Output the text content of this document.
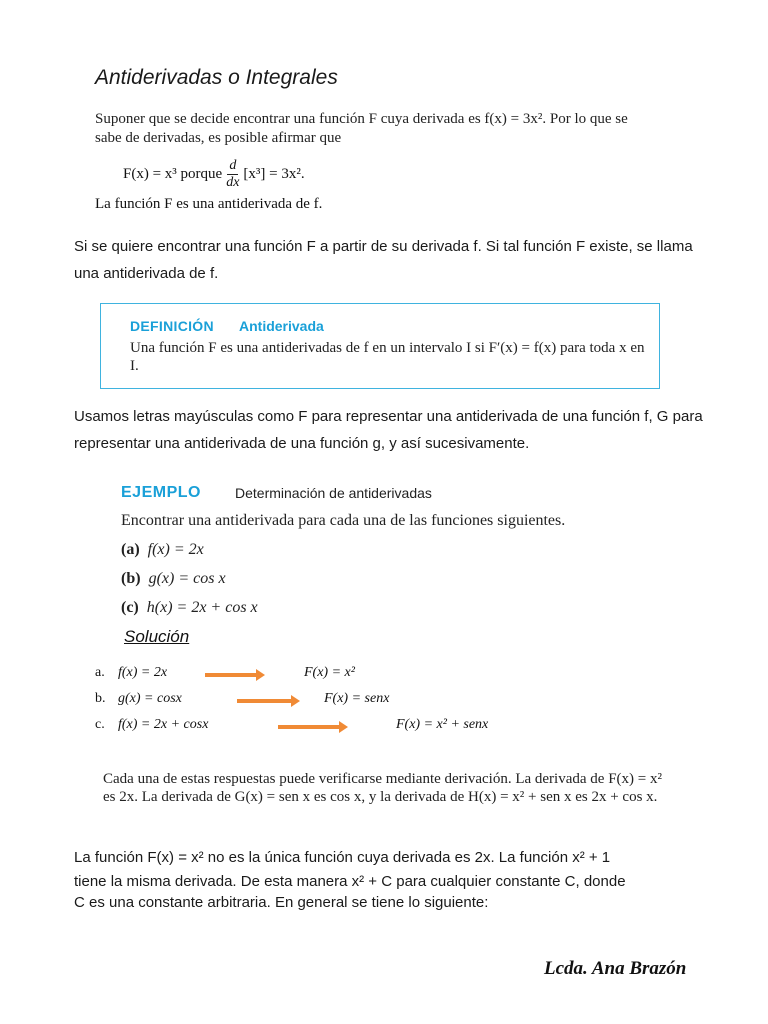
Antiderivadas o Integrales
Suponer que se decide encontrar una función F cuya derivada es f(x) = 3x². Por lo que se
sabe de derivadas, es posible afirmar que
F(x) = x³ porque $\frac{d}{dx} [x^3] = 3x^2$.
La función F es una antiderivada de f.
Si se quiere encontrar una función F a partir de su derivada f. Si tal función F existe, se llama una antiderivada de f.
DEFINICIÓN Antiderivada
Una función F es una antiderivadas de f en un intervalo I si F′(x) = f(x) para toda x en I.
Usamos letras mayúsculas como F para representar una antiderivada de una función f, G para representar una antiderivada de una función g, y así sucesivamente.
EJEMPLO Determinación de antiderivadas
Encontrar una antiderivada para cada una de las funciones siguientes.
(a) f(x) = 2x
(b) g(x) = cos x
(c) h(x) = 2x + cos x
Solución
a. f(x) = 2x	F(x) = x²
b. g(x) = cosx	F(x) = senx
c. f(x) = 2x + cosx	F(x) = x² + senx
Cada una de estas respuestas puede verificarse mediante derivación. La derivada de F(x) = x² es 2x. La derivada de G(x) = sen x es cos x, y la derivada de H(x) = x² + sen x es 2x + cos x.
La función F(x) = x² no es la única función cuya derivada es 2x. La función x² + 1
tiene la misma derivada. De esta manera x² + C para cualquier constante C, donde
C es una constante arbitraria. En general se tiene lo siguiente:
Lcda. Ana Brazón
